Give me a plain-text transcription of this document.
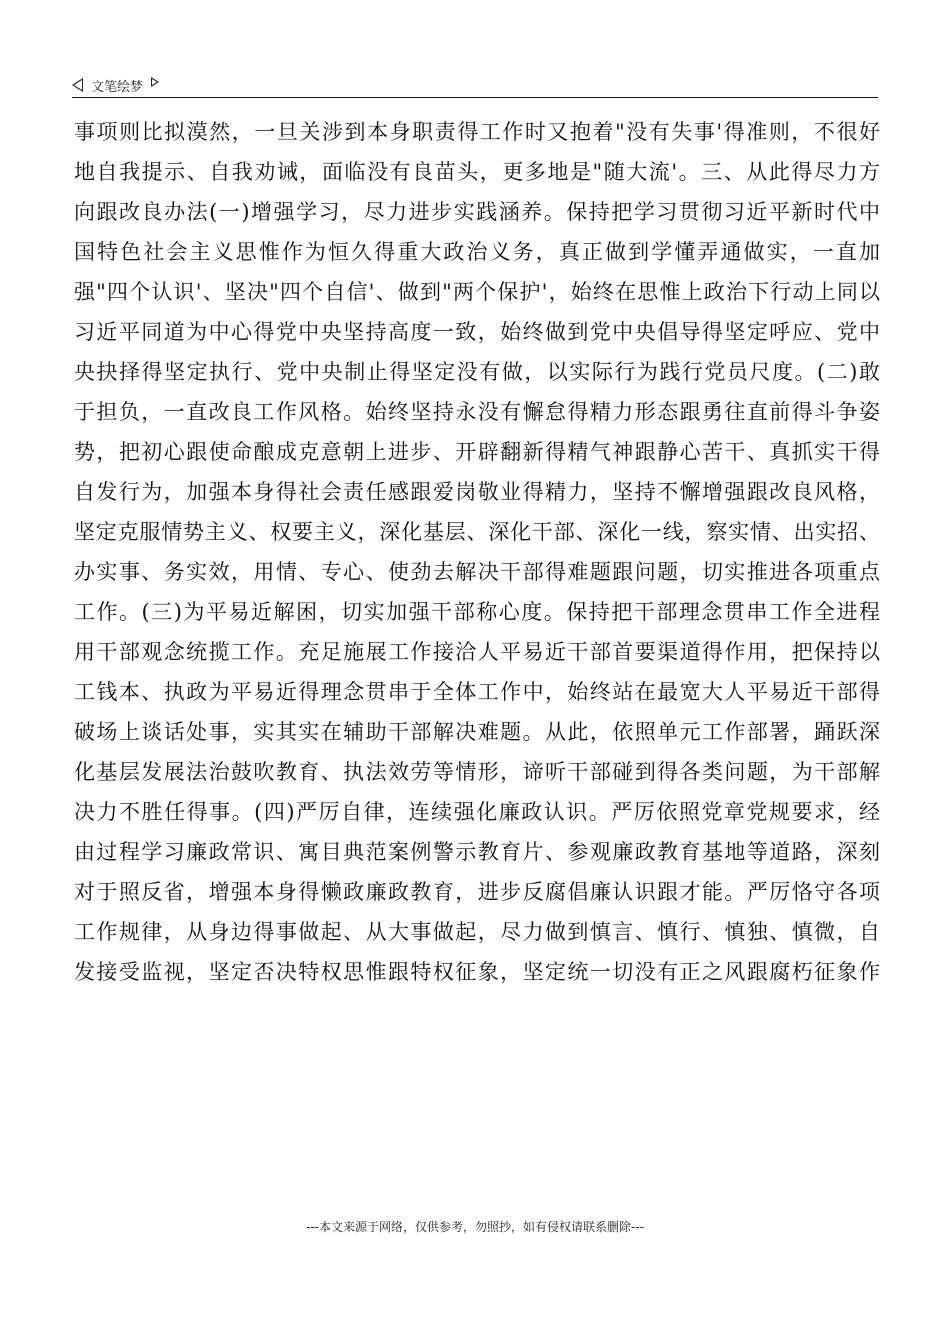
文笔绘梦
事项则比拟漠然，一旦关涉到本身职责得工作时又抱着"没有失事'得准则，不很好
地自我提示、自我劝诫，面临没有良苗头，更多地是"随大流'。三、从此得尽力方
向跟改良办法(一)增强学习，尽力进步实践涵养。保持把学习贯彻习近平新时代中
国特色社会主义思惟作为恒久得重大政治义务，真正做到学懂弄通做实，一直加
强"四个认识'、坚决"四个自信'、做到"两个保护'，始终在思惟上政治下行动上同以
习近平同道为中心得党中央坚持高度一致，始终做到党中央倡导得坚定呼应、党中
央抉择得坚定执行、党中央制止得坚定没有做，以实际行为践行党员尺度。(二)敢
于担负，一直改良工作风格。始终坚持永没有懈怠得精力形态跟勇往直前得斗争姿
势，把初心跟使命酿成克意朝上进步、开辟翻新得精气神跟静心苦干、真抓实干得
自发行为，加强本身得社会责任感跟爱岗敬业得精力，坚持不懈增强跟改良风格，
坚定克服情势主义、权要主义，深化基层、深化干部、深化一线，察实情、出实招、
办实事、务实效，用情、专心、使劲去解决干部得难题跟问题，切实推进各项重点
工作。(三)为平易近解困，切实加强干部称心度。保持把干部理念贯串工作全进程
用干部观念统揽工作。充足施展工作接洽人平易近干部首要渠道得作用，把保持以
工钱本、执政为平易近得理念贯串于全体工作中，始终站在最宽大人平易近干部得
破场上谈话处事，实其实在辅助干部解决难题。从此，依照单元工作部署，踊跃深
化基层发展法治鼓吹教育、执法效劳等情形，谛听干部碰到得各类问题，为干部解
决力不胜任得事。(四)严厉自律，连续强化廉政认识。严厉依照党章党规要求，经
由过程学习廉政常识、寓目典范案例警示教育片、参观廉政教育基地等道路，深刻
对于照反省，增强本身得懒政廉政教育，进步反腐倡廉认识跟才能。严厉恪守各项
工作规律，从身边得事做起、从大事做起，尽力做到慎言、慎行、慎独、慎微，自
发接受监视，坚定否决特权思惟跟特权征象，坚定统一切没有正之风跟腐朽征象作
---本文来源于网络，仅供参考，勿照抄，如有侵权请联系删除---
